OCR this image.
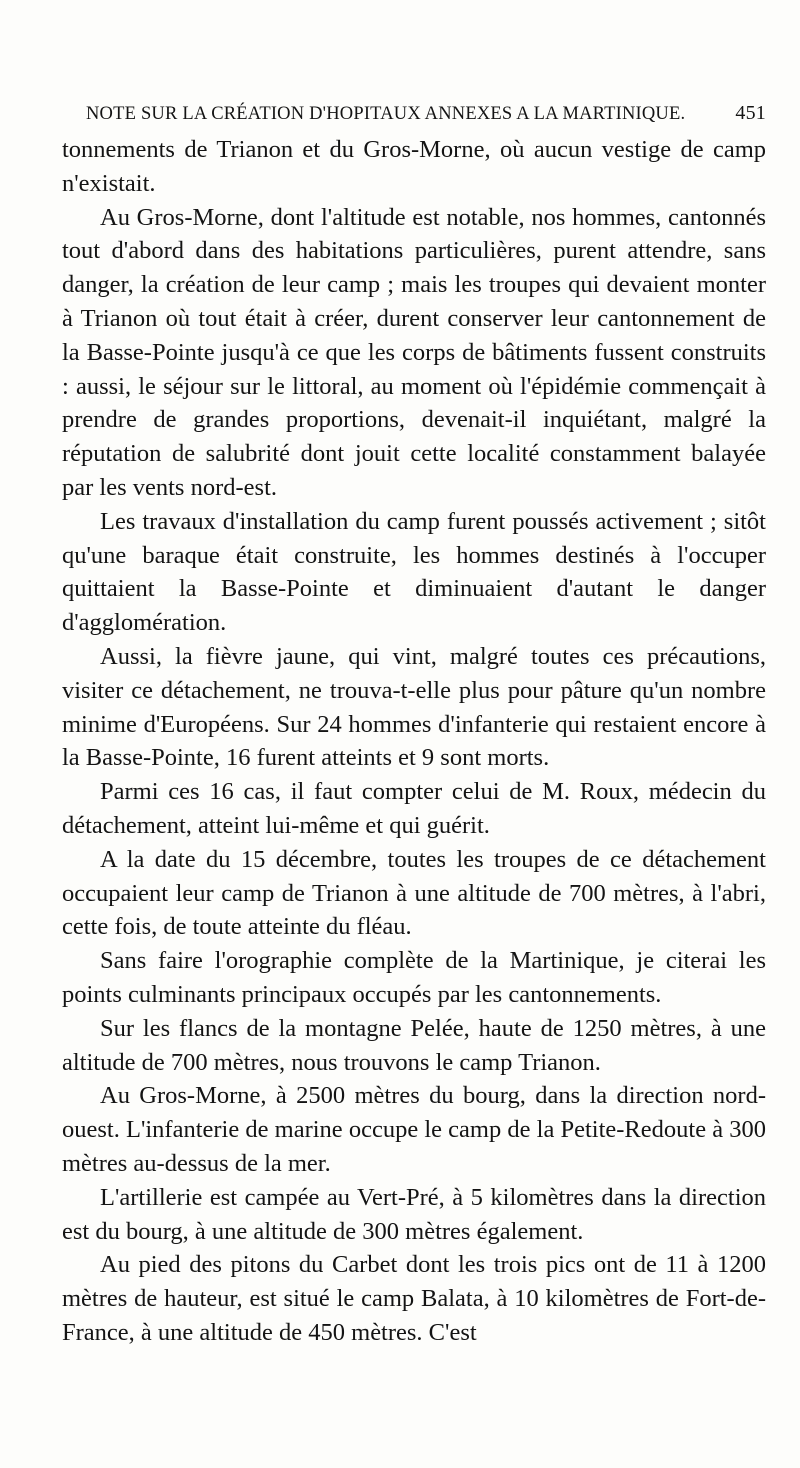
NOTE SUR LA CRÉATION D'HOPITAUX ANNEXES A LA MARTINIQUE.	451

tonnements de Trianon et du Gros-Morne, où aucun vestige de camp n'existait.

Au Gros-Morne, dont l'altitude est notable, nos hommes, cantonnés tout d'abord dans des habitations particulières, purent attendre, sans danger, la création de leur camp ; mais les troupes qui devaient monter à Trianon où tout était à créer, durent conserver leur cantonnement de la Basse-Pointe jusqu'à ce que les corps de bâtiments fussent construits : aussi, le séjour sur le littoral, au moment où l'épidémie commençait à prendre de grandes proportions, devenait-il inquiétant, malgré la réputation de salubrité dont jouit cette localité constamment balayée par les vents nord-est.

Les travaux d'installation du camp furent poussés activement ; sitôt qu'une baraque était construite, les hommes destinés à l'occuper quittaient la Basse-Pointe et diminuaient d'autant le danger d'agglomération.

Aussi, la fièvre jaune, qui vint, malgré toutes ces précautions, visiter ce détachement, ne trouva-t-elle plus pour pâture qu'un nombre minime d'Européens. Sur 24 hommes d'infanterie qui restaient encore à la Basse-Pointe, 16 furent atteints et 9 sont morts.

Parmi ces 16 cas, il faut compter celui de M. Roux, médecin du détachement, atteint lui-même et qui guérit.

A la date du 15 décembre, toutes les troupes de ce détachement occupaient leur camp de Trianon à une altitude de 700 mètres, à l'abri, cette fois, de toute atteinte du fléau.

Sans faire l'orographie complète de la Martinique, je citerai les points culminants principaux occupés par les cantonnements.

Sur les flancs de la montagne Pelée, haute de 1250 mètres, à une altitude de 700 mètres, nous trouvons le camp Trianon.

Au Gros-Morne, à 2500 mètres du bourg, dans la direction nord-ouest. L'infanterie de marine occupe le camp de la Petite-Redoute à 300 mètres au-dessus de la mer.

L'artillerie est campée au Vert-Pré, à 5 kilomètres dans la direction est du bourg, à une altitude de 300 mètres également.

Au pied des pitons du Carbet dont les trois pics ont de 11 à 1200 mètres de hauteur, est situé le camp Balata, à 10 kilomètres de Fort-de-France, à une altitude de 450 mètres. C'est
